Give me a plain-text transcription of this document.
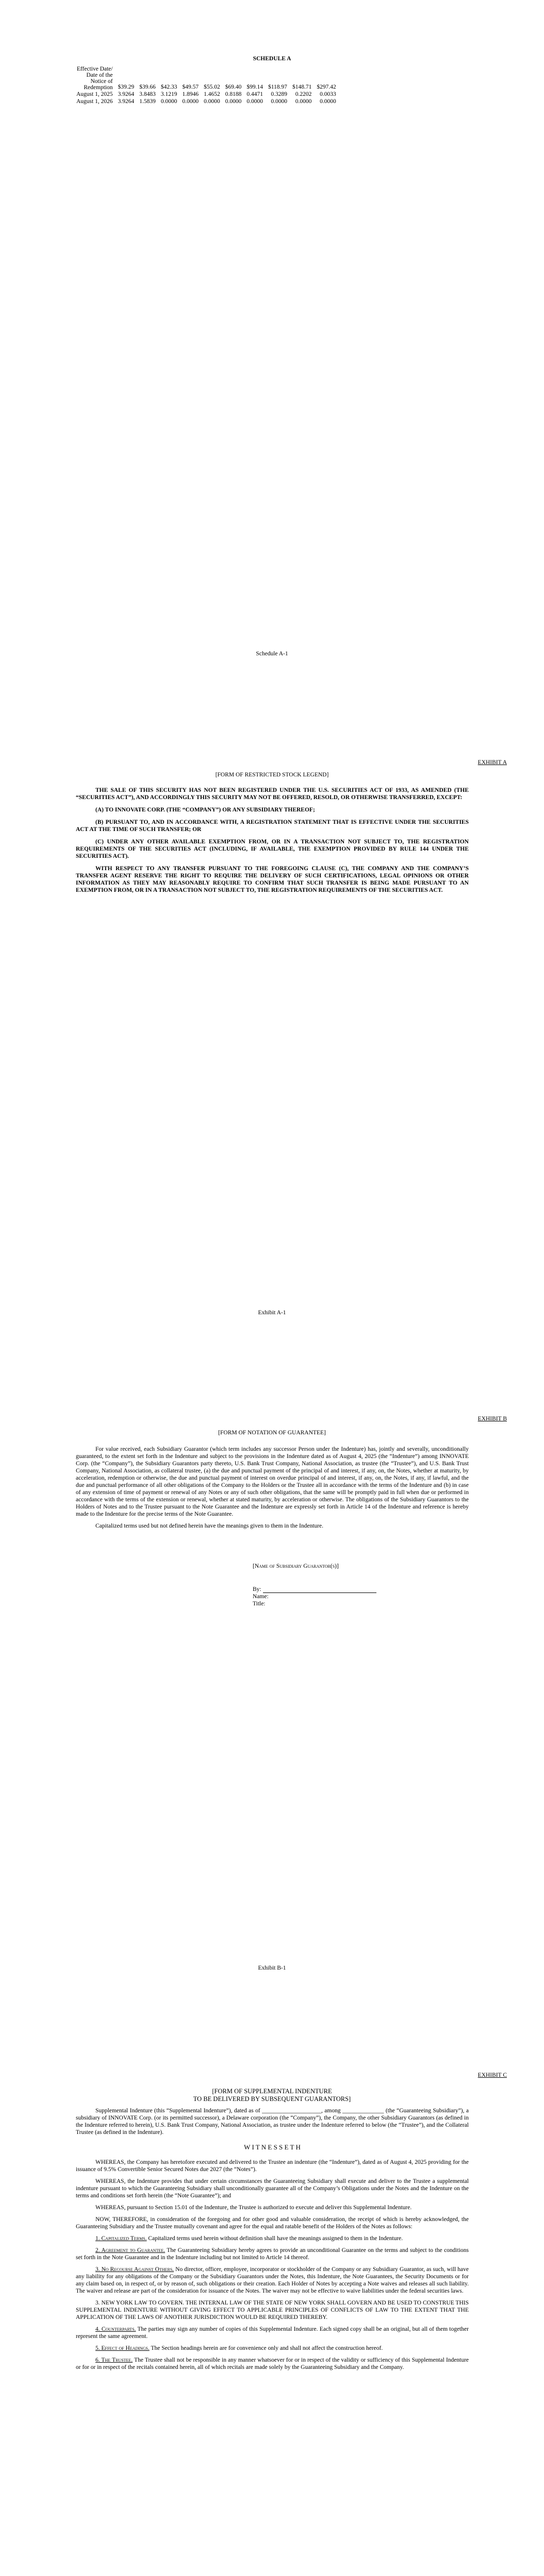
SCHEDULE A
Effective Date/
Date of the
Notice of
Redemption	$39.29	$39.66	$42.33	$49.57	$55.02	$69.40	$99.14	$118.97	$148.71	$297.42
August 1, 2025	3.9264	3.8483	3.1219	1.8946	1.4652	0.8188	0.4471	0.3289	0.2202	0.0033
August 1, 2026	3.9264	1.5839	0.0000	0.0000	0.0000	0.0000	0.0000	0.0000	0.0000	0.0000
Schedule A-1
EXHIBIT A
[FORM OF RESTRICTED STOCK LEGEND]

THE SALE OF THIS SECURITY HAS NOT BEEN REGISTERED UNDER THE U.S. SECURITIES ACT OF 1933, AS AMENDED (THE “SECURITIES ACT”), AND ACCORDINGLY THIS SECURITY MAY NOT BE OFFERED, RESOLD, OR OTHERWISE TRANSFERRED, EXCEPT:

(A) TO INNOVATE CORP. (THE “COMPANY”) OR ANY SUBSIDIARY THEREOF;

(B) PURSUANT TO, AND IN ACCORDANCE WITH, A REGISTRATION STATEMENT THAT IS EFFECTIVE UNDER THE SECURITIES ACT AT THE TIME OF SUCH TRANSFER; OR

(C) UNDER ANY OTHER AVAILABLE EXEMPTION FROM, OR IN A TRANSACTION NOT SUBJECT TO, THE REGISTRATION REQUIREMENTS OF THE SECURITIES ACT (INCLUDING, IF AVAILABLE, THE EXEMPTION PROVIDED BY RULE 144 UNDER THE SECURITIES ACT).

WITH RESPECT TO ANY TRANSFER PURSUANT TO THE FOREGOING CLAUSE (C), THE COMPANY AND THE COMPANY’S TRANSFER AGENT RESERVE THE RIGHT TO REQUIRE THE DELIVERY OF SUCH CERTIFICATIONS, LEGAL OPINIONS OR OTHER INFORMATION AS THEY MAY REASONABLY REQUIRE TO CONFIRM THAT SUCH TRANSFER IS BEING MADE PURSUANT TO AN EXEMPTION FROM, OR IN A TRANSACTION NOT SUBJECT TO, THE REGISTRATION REQUIREMENTS OF THE SECURITIES ACT.

Exhibit A-1
EXHIBIT B
[FORM OF NOTATION OF GUARANTEE]

For value received, each Subsidiary Guarantor (which term includes any successor Person under the Indenture) has, jointly and severally, unconditionally guaranteed, to the extent set forth in the Indenture and subject to the provisions in the Indenture dated as of August 4, 2025 (the “Indenture”) among INNOVATE Corp. (the “Company”), the Subsidiary Guarantors party thereto, U.S. Bank Trust Company, National Association, as trustee (the “Trustee”), and U.S. Bank Trust Company, National Association, as collateral trustee, (a) the due and punctual payment of the principal of and interest, if any, on, the Notes, whether at maturity, by acceleration, redemption or otherwise, the due and punctual payment of interest on overdue principal of and interest, if any, on, the Notes, if any, if lawful, and the due and punctual performance of all other obligations of the Company to the Holders or the Trustee all in accordance with the terms of the Indenture and (b) in case of any extension of time of payment or renewal of any Notes or any of such other obligations, that the same will be promptly paid in full when due or performed in accordance with the terms of the extension or renewal, whether at stated maturity, by acceleration or otherwise. The obligations of the Subsidiary Guarantors to the Holders of Notes and to the Trustee pursuant to the Note Guarantee and the Indenture are expressly set forth in Article 14 of the Indenture and reference is hereby made to the Indenture for the precise terms of the Note Guarantee.

Capitalized terms used but not defined herein have the meanings given to them in the Indenture.

[Name of Subsidiary Guarantor(s)]
By:
Name:
Title:
Exhibit B-1
EXHIBIT C
[FORM OF SUPPLEMENTAL INDENTURE
TO BE DELIVERED BY SUBSEQUENT GUARANTORS]

Supplemental Indenture (this “Supplemental Indenture”), dated as of ____________________, among ______________ (the “Guaranteeing Subsidiary”), a subsidiary of INNOVATE Corp. (or its permitted successor), a Delaware corporation (the “Company”), the Company, the other Subsidiary Guarantors (as defined in the Indenture referred to herein), U.S. Bank Trust Company, National Association, as trustee under the Indenture referred to below (the “Trustee”), and the Collateral Trustee (as defined in the Indenture).

W I T N E S S E T H

WHEREAS, the Company has heretofore executed and delivered to the Trustee an indenture (the “Indenture”), dated as of August 4, 2025 providing for the issuance of 9.5% Convertible Senior Secured Notes due 2027 (the “Notes”).

WHEREAS, the Indenture provides that under certain circumstances the Guaranteeing Subsidiary shall execute and deliver to the Trustee a supplemental indenture pursuant to which the Guaranteeing Subsidiary shall unconditionally guarantee all of the Company’s Obligations under the Notes and the Indenture on the terms and conditions set forth herein (the “Note Guarantee”); and

WHEREAS, pursuant to Section 15.01 of the Indenture, the Trustee is authorized to execute and deliver this Supplemental Indenture.

NOW, THEREFORE, in consideration of the foregoing and for other good and valuable consideration, the receipt of which is hereby acknowledged, the Guaranteeing Subsidiary and the Trustee mutually covenant and agree for the equal and ratable benefit of the Holders of the Notes as follows:

1. Capitalized Terms. Capitalized terms used herein without definition shall have the meanings assigned to them in the Indenture.

2. Agreement to Guarantee. The Guaranteeing Subsidiary hereby agrees to provide an unconditional Guarantee on the terms and subject to the conditions set forth in the Note Guarantee and in the Indenture including but not limited to Article 14 thereof.

3. No Recourse Against Others. No director, officer, employee, incorporator or stockholder of the Company or any Subsidiary Guarantor, as such, will have any liability for any obligations of the Company or the Subsidiary Guarantors under the Notes, this Indenture, the Note Guarantees, the Security Documents or for any claim based on, in respect of, or by reason of, such obligations or their creation. Each Holder of Notes by accepting a Note waives and releases all such liability. The waiver and release are part of the consideration for issuance of the Notes. The waiver may not be effective to waive liabilities under the federal securities laws.

3. NEW YORK LAW TO GOVERN. THE INTERNAL LAW OF THE STATE OF NEW YORK SHALL GOVERN AND BE USED TO CONSTRUE THIS SUPPLEMENTAL INDENTURE WITHOUT GIVING EFFECT TO APPLICABLE PRINCIPLES OF CONFLICTS OF LAW TO THE EXTENT THAT THE APPLICATION OF THE LAWS OF ANOTHER JURISDICTION WOULD BE REQUIRED THEREBY.

4. Counterparts. The parties may sign any number of copies of this Supplemental Indenture. Each signed copy shall be an original, but all of them together represent the same agreement.

5. Effect of Headings. The Section headings herein are for convenience only and shall not affect the construction hereof.

6. The Trustee. The Trustee shall not be responsible in any manner whatsoever for or in respect of the validity or sufficiency of this Supplemental Indenture or for or in respect of the recitals contained herein, all of which recitals are made solely by the Guaranteeing Subsidiary and the Company.
